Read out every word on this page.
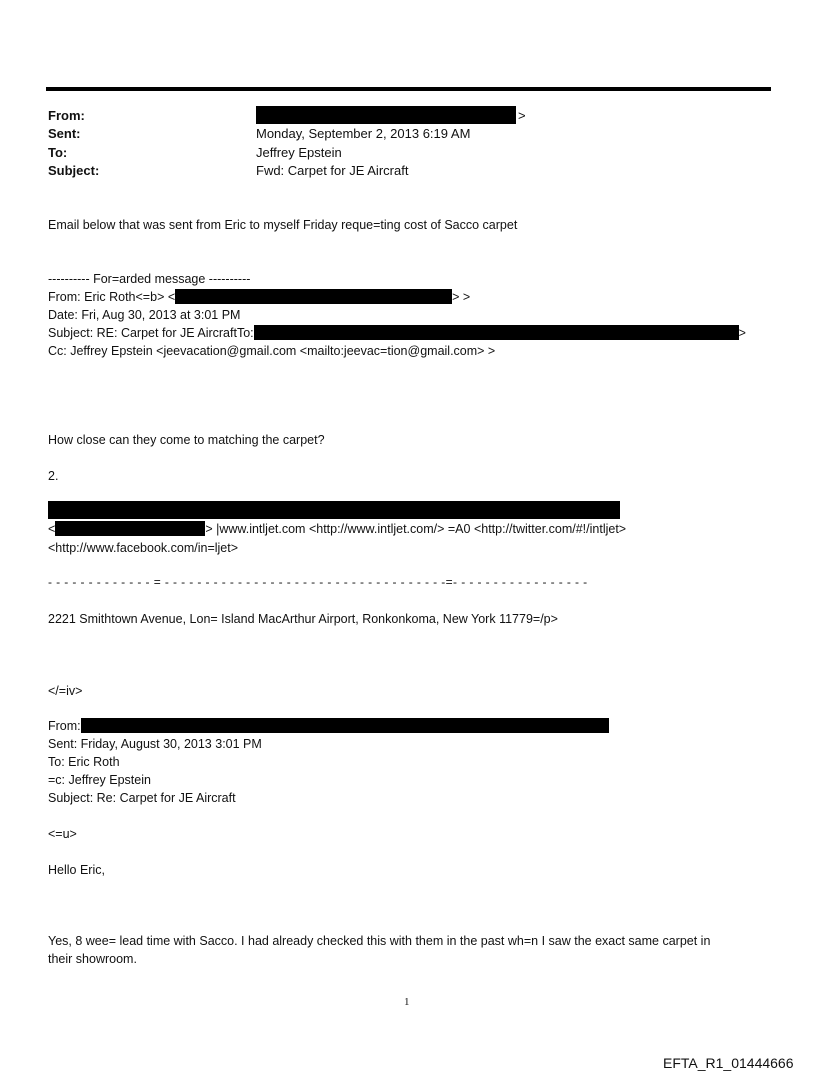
From:	>
Sent:	Monday, September 2, 2013 6:19 AM
To:	Jeffrey Epstein
Subject:	Fwd: Carpet for JE Aircraft
Email below that was sent from Eric to myself Friday reque=ting cost of Sacco carpet
---------- For=arded message ----------
From: Eric Roth<=b> <	> >
Date: Fri, Aug 30, 2013 at 3:01 PM
Subject: RE: Carpet for JE AircraftTo:	>
Cc: Jeffrey Epstein <jeevacation@gmail.com <mailto:jeevac=tion@gmail.com> >
How close can they come to matching the carpet?
2.
<	> |www.intljet.com <http://www.intljet.com/> =A0 <http://twitter.com/#!/intljet>
<http://www.facebook.com/in=ljet>
- - - - - - - - - - - - - = - - - - - - - - - - - - - - - - - - - - - - - - - - - - - - - - - - -=- - - - - - - - - - - - - - - - -
2221 Smithtown Avenue, Lon= Island MacArthur Airport, Ronkonkoma, New York 11779=/p>
</=iv>
From:
Sent: Friday, August 30, 2013 3:01 PM
To: Eric Roth
=c: Jeffrey Epstein
Subject: Re: Carpet for JE Aircraft
<=u>
Hello Eric,
Yes, 8 wee= lead time with Sacco. I had already checked this with them in the past wh=n I saw the exact same carpet in
their showroom.
1
EFTA_R1_01444666
